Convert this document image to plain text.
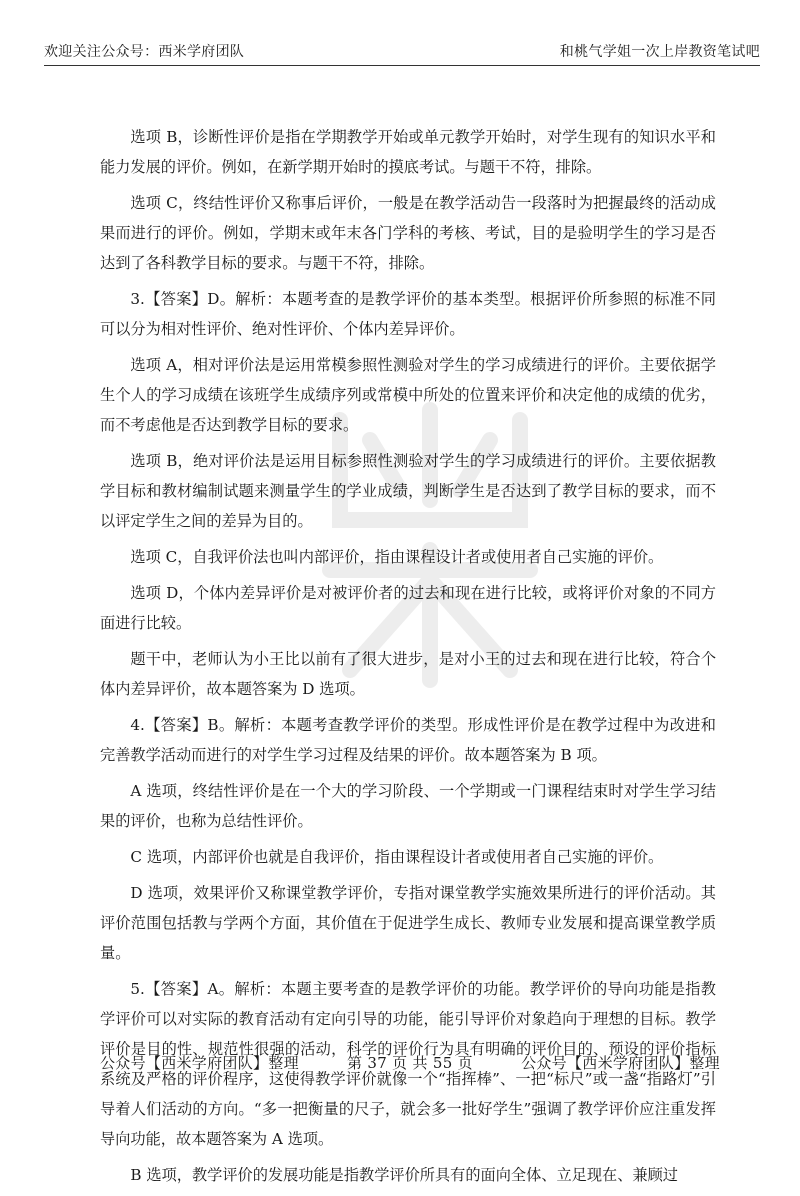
欢迎关注公众号：西米学府团队	和桃气学姐一次上岸教资笔试吧

选项 B，诊断性评价是指在学期教学开始或单元教学开始时，对学生现有的知识水平和能力发展的评价。例如，在新学期开始时的摸底考试。与题干不符，排除。

选项 C，终结性评价又称事后评价，一般是在教学活动告一段落时为把握最终的活动成果而进行的评价。例如，学期末或年末各门学科的考核、考试，目的是验明学生的学习是否达到了各科教学目标的要求。与题干不符，排除。

3.【答案】D。解析：本题考查的是教学评价的基本类型。根据评价所参照的标准不同可以分为相对性评价、绝对性评价、个体内差异评价。

选项 A，相对评价法是运用常模参照性测验对学生的学习成绩进行的评价。主要依据学生个人的学习成绩在该班学生成绩序列或常模中所处的位置来评价和决定他的成绩的优劣，而不考虑他是否达到教学目标的要求。

选项 B，绝对评价法是运用目标参照性测验对学生的学习成绩进行的评价。主要依据教学目标和教材编制试题来测量学生的学业成绩，判断学生是否达到了教学目标的要求，而不以评定学生之间的差异为目的。

选项 C，自我评价法也叫内部评价，指由课程设计者或使用者自己实施的评价。

选项 D，个体内差异评价是对被评价者的过去和现在进行比较，或将评价对象的不同方面进行比较。

题干中，老师认为小王比以前有了很大进步，是对小王的过去和现在进行比较，符合个体内差异评价，故本题答案为 D 选项。

4.【答案】B。解析：本题考查教学评价的类型。形成性评价是在教学过程中为改进和完善教学活动而进行的对学生学习过程及结果的评价。故本题答案为 B 项。

A 选项，终结性评价是在一个大的学习阶段、一个学期或一门课程结束时对学生学习结果的评价，也称为总结性评价。

C 选项，内部评价也就是自我评价，指由课程设计者或使用者自己实施的评价。

D 选项，效果评价又称课堂教学评价，专指对课堂教学实施效果所进行的评价活动。其评价范围包括教与学两个方面，其价值在于促进学生成长、教师专业发展和提高课堂教学质量。

5.【答案】A。解析：本题主要考查的是教学评价的功能。教学评价的导向功能是指教学评价可以对实际的教育活动有定向引导的功能，能引导评价对象趋向于理想的目标。教学评价是目的性、规范性很强的活动，科学的评价行为具有明确的评价目的、预设的评价指标系统及严格的评价程序，这使得教学评价就像一个“指挥棒”、一把“标尺”或一盏“指路灯”引导着人们活动的方向。“多一把衡量的尺子，就会多一批好学生”强调了教学评价应注重发挥导向功能，故本题答案为 A 选项。

B 选项，教学评价的发展功能是指教学评价所具有的面向全体、立足现在、兼顾过

公众号【西米学府团队】整理	第 37 页 共 55 页	公众号【西米学府团队】整理
